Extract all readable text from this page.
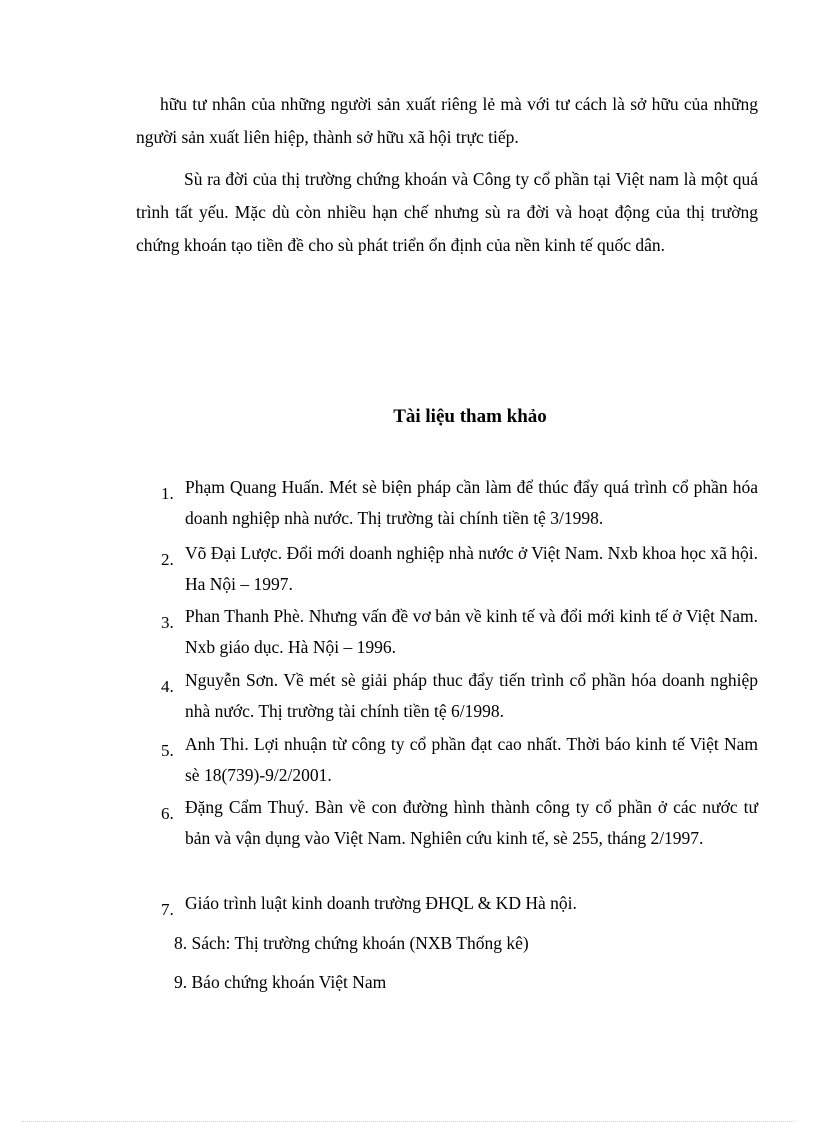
hữu tư nhân của những người sản xuất riêng lẻ mà với tư cách là sở hữu của những người sản xuất liên hiệp, thành sở hữu xã hội trực tiếp.

Sù ra đời của thị trường chứng khoán và Công ty cổ phần tại Việt nam là một quá trình tất yếu. Mặc dù còn nhiều hạn chế nhưng sù ra đời và hoạt động của thị trường chứng khoán tạo tiền đề cho sù phát triển ổn định của nền kinh tế quốc dân.

Tài liệu tham khảo
1. Phạm Quang Huấn. Mét sè biện pháp cần làm để thúc đẩy quá trình cổ phần hóa doanh nghiệp nhà nước. Thị trường tài chính tiền tệ 3/1998.
2. Võ Đại Lược. Đổi mới doanh nghiệp nhà nước ở Việt Nam. Nxb khoa học xã hội. Ha Nội – 1997.
3. Phan Thanh Phè. Nhưng vấn đề vơ bản về kinh tế và đổi mới kinh tế ở Việt Nam. Nxb giáo dục. Hà Nội – 1996.
4. Nguyễn Sơn. Về mét sè giải pháp thuc đẩy tiến trình cổ phần hóa doanh nghiệp nhà nước. Thị trường tài chính tiền tệ 6/1998.
5. Anh Thi. Lợi nhuận từ công ty cổ phần đạt cao nhất. Thời báo kinh tế Việt Nam    sè 18(739)-9/2/2001.
6. Đặng Cẩm Thuý. Bàn về con đường hình thành công ty cổ phần ở các nước tư bản và vận dụng vào Việt Nam. Nghiên cứu kinh tế, sè 255, tháng 2/1997.
7. Giáo trình luật kinh doanh trường ĐHQL & KD Hà nội.
8. Sách: Thị trường chứng khoán (NXB Thống kê)
9. Báo chứng khoán Việt Nam
